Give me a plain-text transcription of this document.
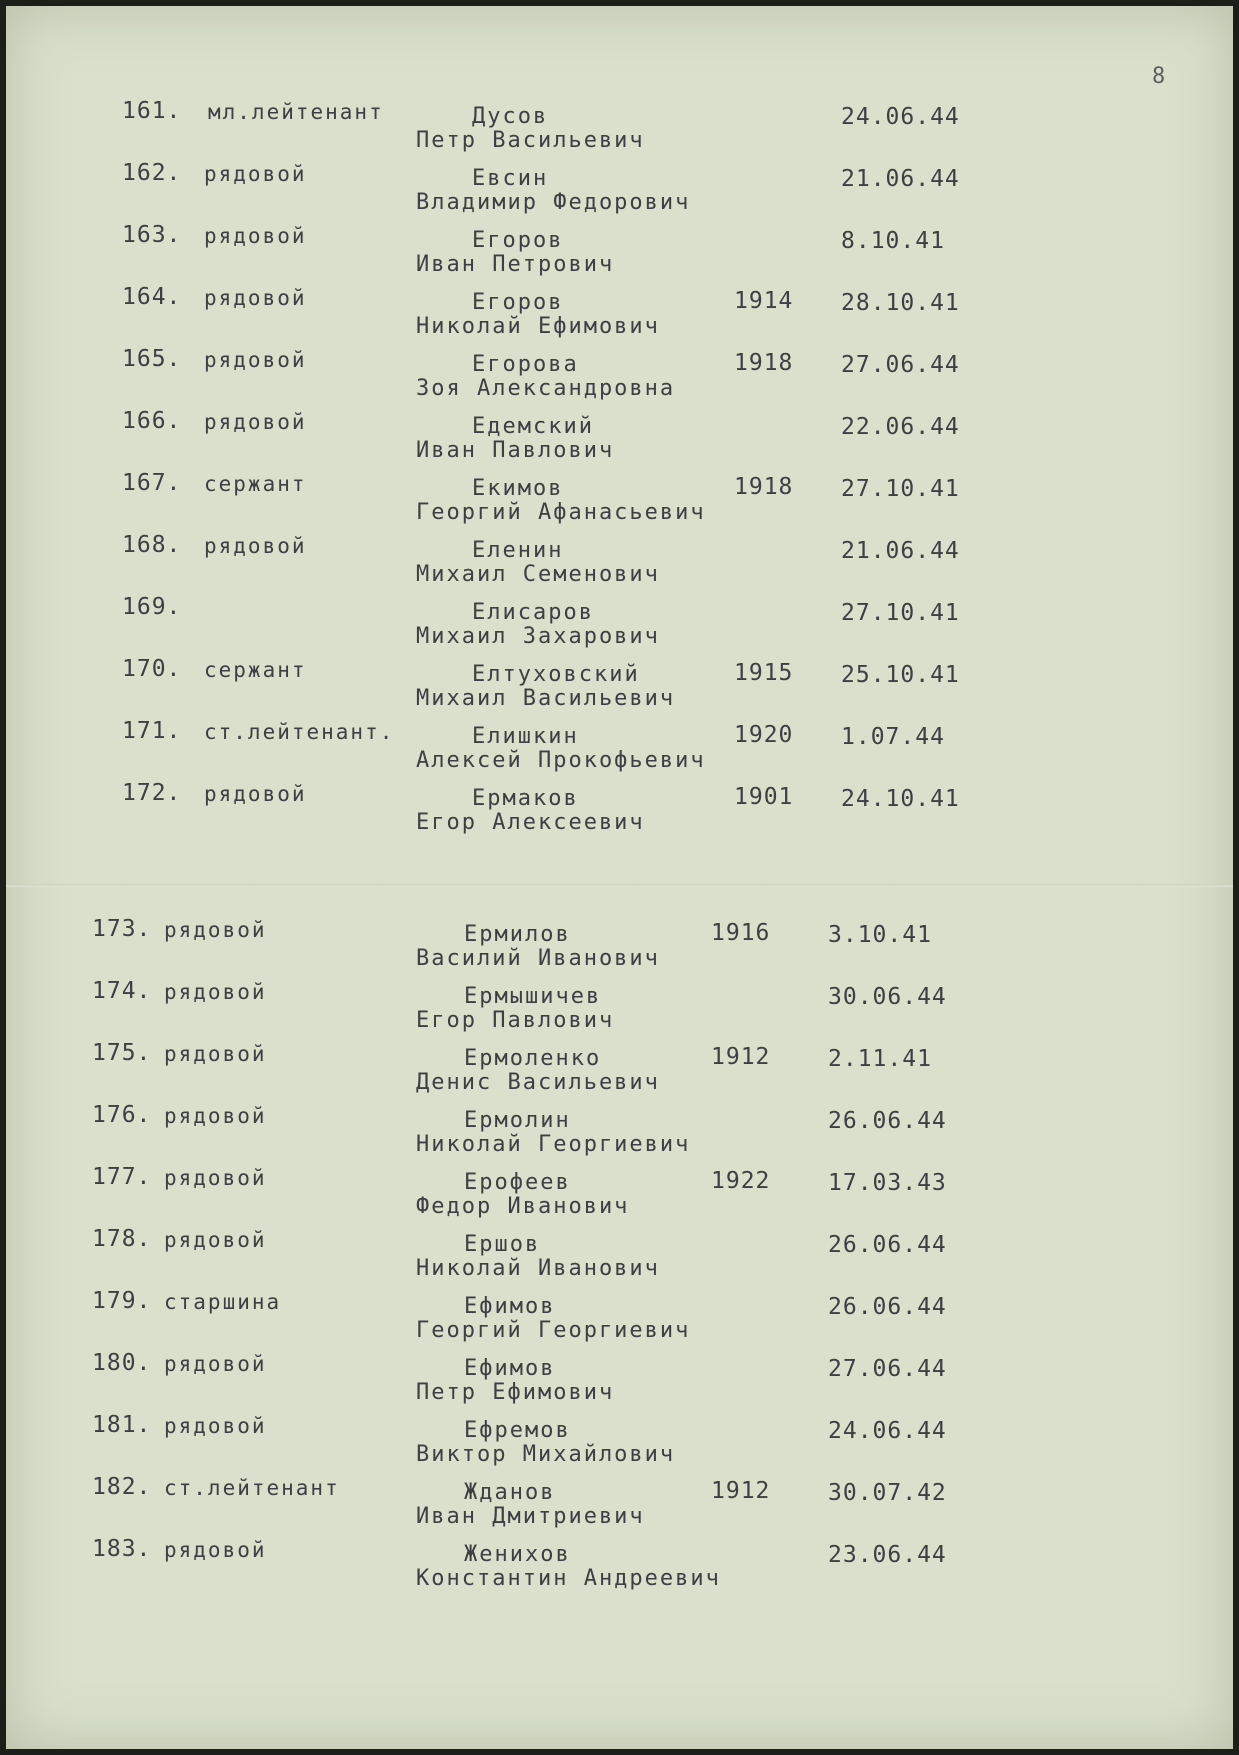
8
161. мл.лейтенант	Дусов
Петр Васильевич
24.06.44
162. рядовой	Евсин
Владимир Федорович
21.06.44
163. рядовой	Егоров
Иван Петрович
8.10.41
164. рядовой	Егоров
Николай Ефимович
1914 28.10.41
165. рядовой	Егорова
Зоя Александровна
1918 27.06.44
166. рядовой	Едемский
Иван Павлович
22.06.44
167. сержант	Екимов
Георгий Афанасьевич
1918 27.10.41
168. рядовой	Еленин
Михаил Семенович
21.06.44
169.	Елисаров
Михаил Захарович
27.10.41
170. сержант	Елтуховский
Михаил Васильевич
1915 25.10.41
171. ст.лейтенант.	Елишкин
Алексей Прокофьевич
1920 1.07.44
172. рядовой	Ермаков
Егор Алексеевич
1901 24.10.41
173. рядовой	Ермилов
Василий Иванович
1916	3.10.41
174. рядовой	Ермышичев
Егор Павлович
30.06.44
175. рядовой	Ермоленко
Денис Васильевич
1912	2.11.41
176. рядовой	Ермолин
Николай Георгиевич
26.06.44
177. рядовой	Ерофеев
Федор Иванович
1922	17.03.43
178. рядовой	Ершов
Николай Иванович
26.06.44
179. старшина	Ефимов
Георгий Георгиевич
26.06.44
180. рядовой	Ефимов
Петр Ефимович
27.06.44
181. рядовой	Ефремов
Виктор Михайлович
24.06.44
182. ст.лейтенант	Жданов
Иван Дмитриевич
1912	30.07.42
183. рядовой	Женихов
Константин Андреевич
23.06.44
